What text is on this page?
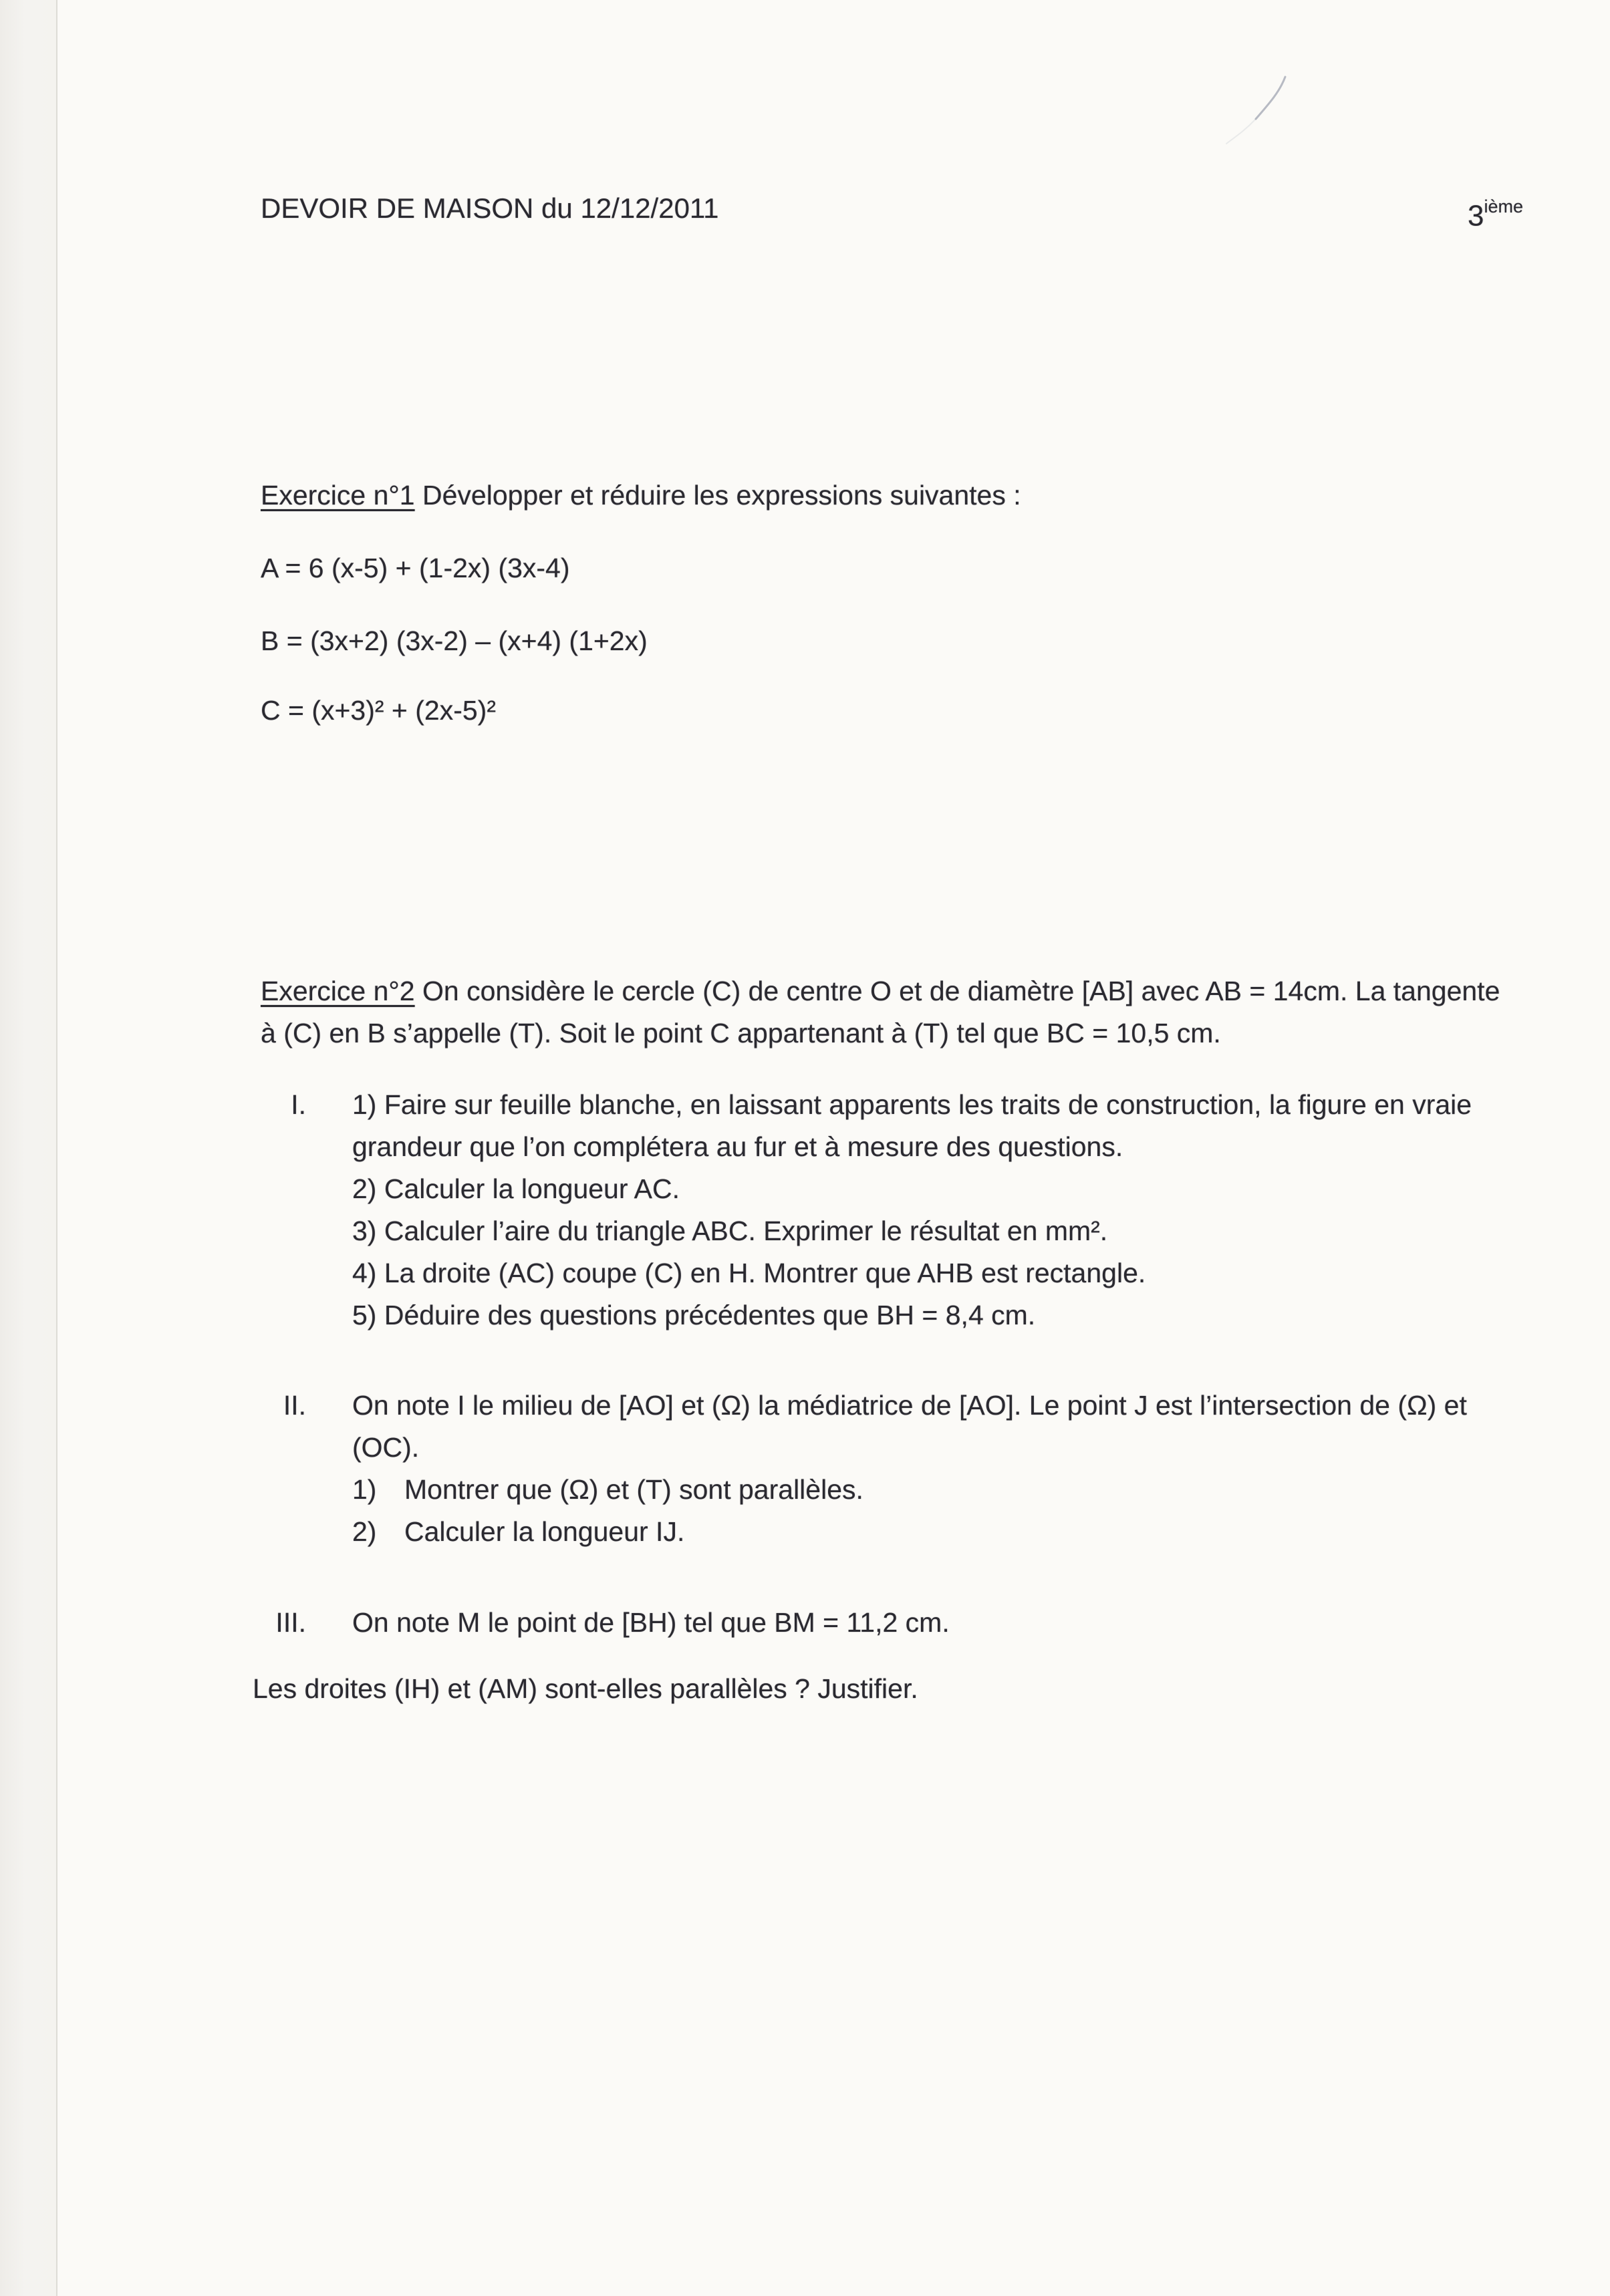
DEVOIR DE MAISON du 12/12/2011	3ième
Exercice n°1 Développer et réduire les expressions suivantes :
A = 6 (x-5) + (1-2x) (3x-4)
B = (3x+2) (3x-2) – (x+4) (1+2x)
C = (x+3)² + (2x-5)²
Exercice n°2 On considère le cercle (C) de centre O et de diamètre [AB] avec AB = 14cm. La tangente
à (C) en B s’appelle (T). Soit le point C appartenant à (T) tel que BC = 10,5 cm.
I. 1) Faire sur feuille blanche, en laissant apparents les traits de construction, la figure en vraie
grandeur que l’on complétera au fur et à mesure des questions.
2) Calculer la longueur AC.
3) Calculer l’aire du triangle ABC. Exprimer le résultat en mm².
4) La droite (AC) coupe (C) en H. Montrer que AHB est rectangle.
5) Déduire des questions précédentes que BH = 8,4 cm.
II. On note I le milieu de [AO] et (Ω) la médiatrice de [AO]. Le point J est l’intersection de (Ω) et
(OC).
1) Montrer que (Ω) et (T) sont parallèles.
2) Calculer la longueur IJ.
III. On note M le point de [BH) tel que BM = 11,2 cm.
Les droites (IH) et (AM) sont-elles parallèles ? Justifier.
